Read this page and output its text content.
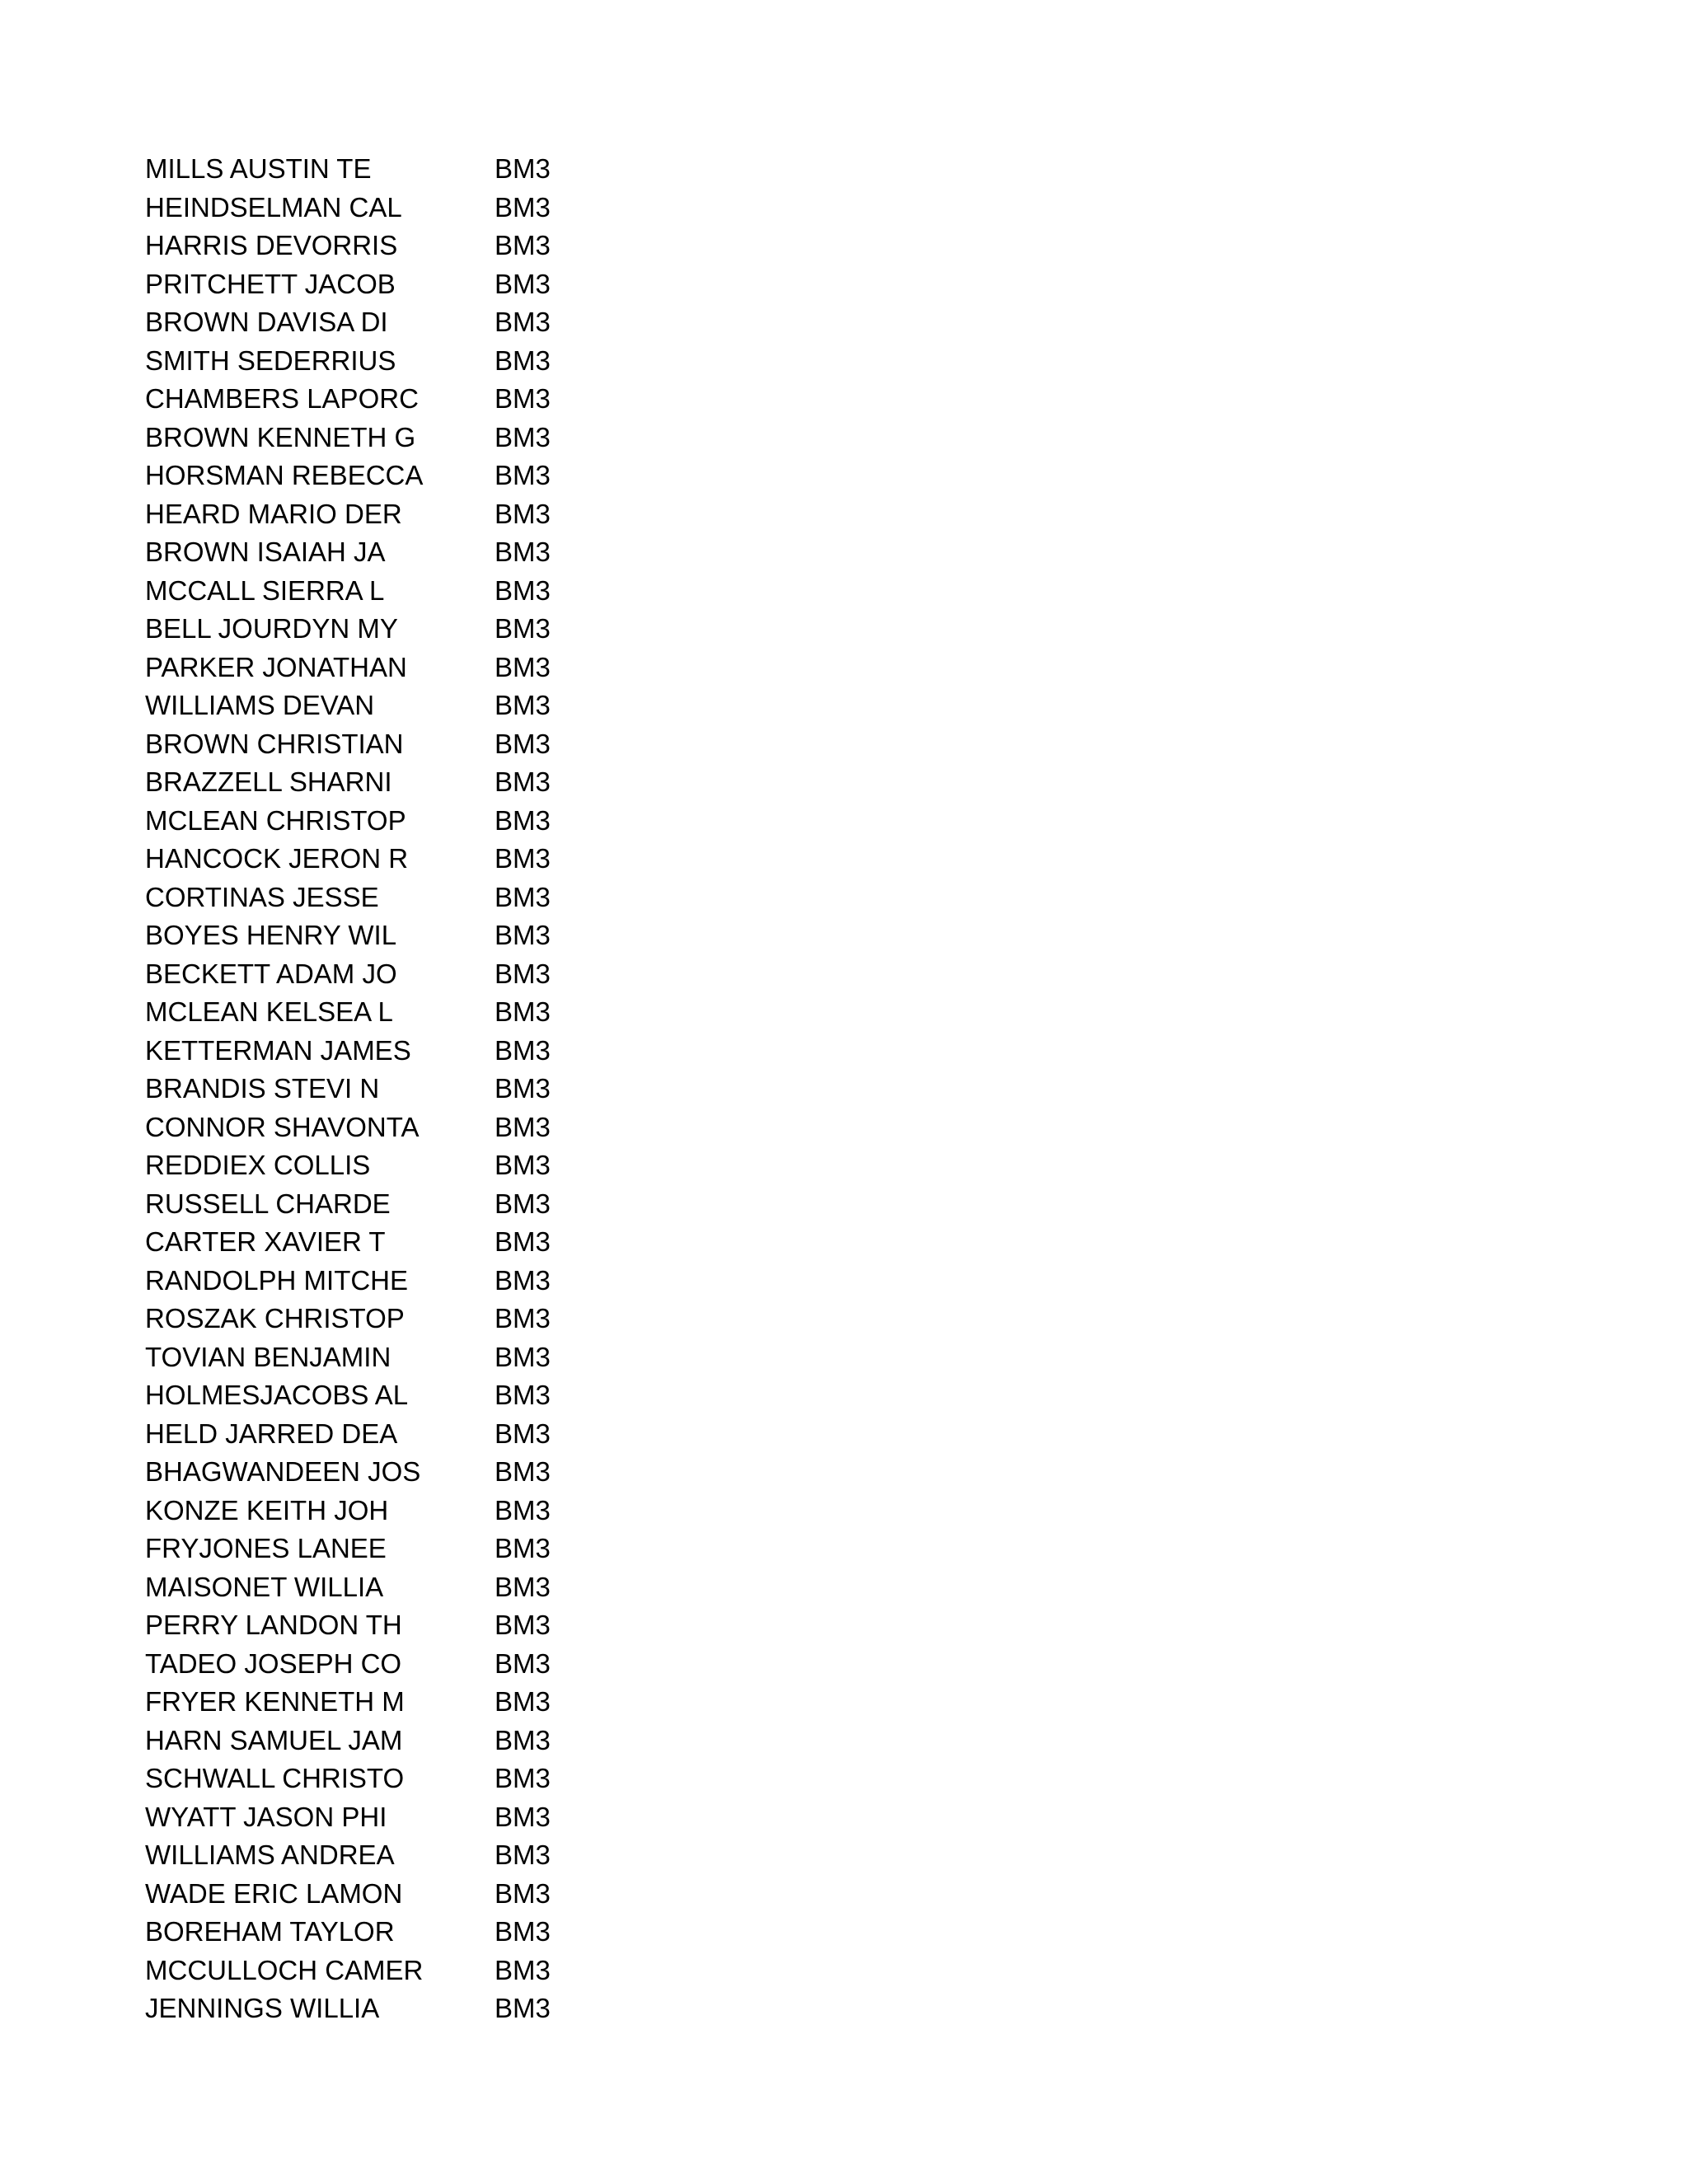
MILLS AUSTIN TE	BM3
HEINDSELMAN CAL	BM3
HARRIS DEVORRIS	BM3
PRITCHETT JACOB	BM3
BROWN DAVISA DI	BM3
SMITH SEDERRIUS	BM3
CHAMBERS LAPORC	BM3
BROWN KENNETH G	BM3
HORSMAN REBECCA	BM3
HEARD MARIO DER	BM3
BROWN ISAIAH JA	BM3
MCCALL SIERRA L	BM3
BELL JOURDYN MY	BM3
PARKER JONATHAN	BM3
WILLIAMS DEVAN	BM3
BROWN CHRISTIAN	BM3
BRAZZELL SHARNI	BM3
MCLEAN CHRISTOP	BM3
HANCOCK JERON R	BM3
CORTINAS JESSE	BM3
BOYES HENRY WIL	BM3
BECKETT ADAM JO	BM3
MCLEAN KELSEA L	BM3
KETTERMAN JAMES	BM3
BRANDIS STEVI N	BM3
CONNOR SHAVONTA	BM3
REDDIEX COLLIS	BM3
RUSSELL CHARDE	BM3
CARTER XAVIER T	BM3
RANDOLPH MITCHE	BM3
ROSZAK CHRISTOP	BM3
TOVIAN BENJAMIN	BM3
HOLMESJACOBS AL	BM3
HELD JARRED DEA	BM3
BHAGWANDEEN JOS	BM3
KONZE KEITH JOH	BM3
FRYJONES LANEE	BM3
MAISONET WILLIA	BM3
PERRY LANDON TH	BM3
TADEO JOSEPH CO	BM3
FRYER KENNETH M	BM3
HARN SAMUEL JAM	BM3
SCHWALL CHRISTO	BM3
WYATT JASON PHI	BM3
WILLIAMS ANDREA	BM3
WADE ERIC LAMON	BM3
BOREHAM TAYLOR	BM3
MCCULLOCH CAMER	BM3
JENNINGS WILLIA	BM3
